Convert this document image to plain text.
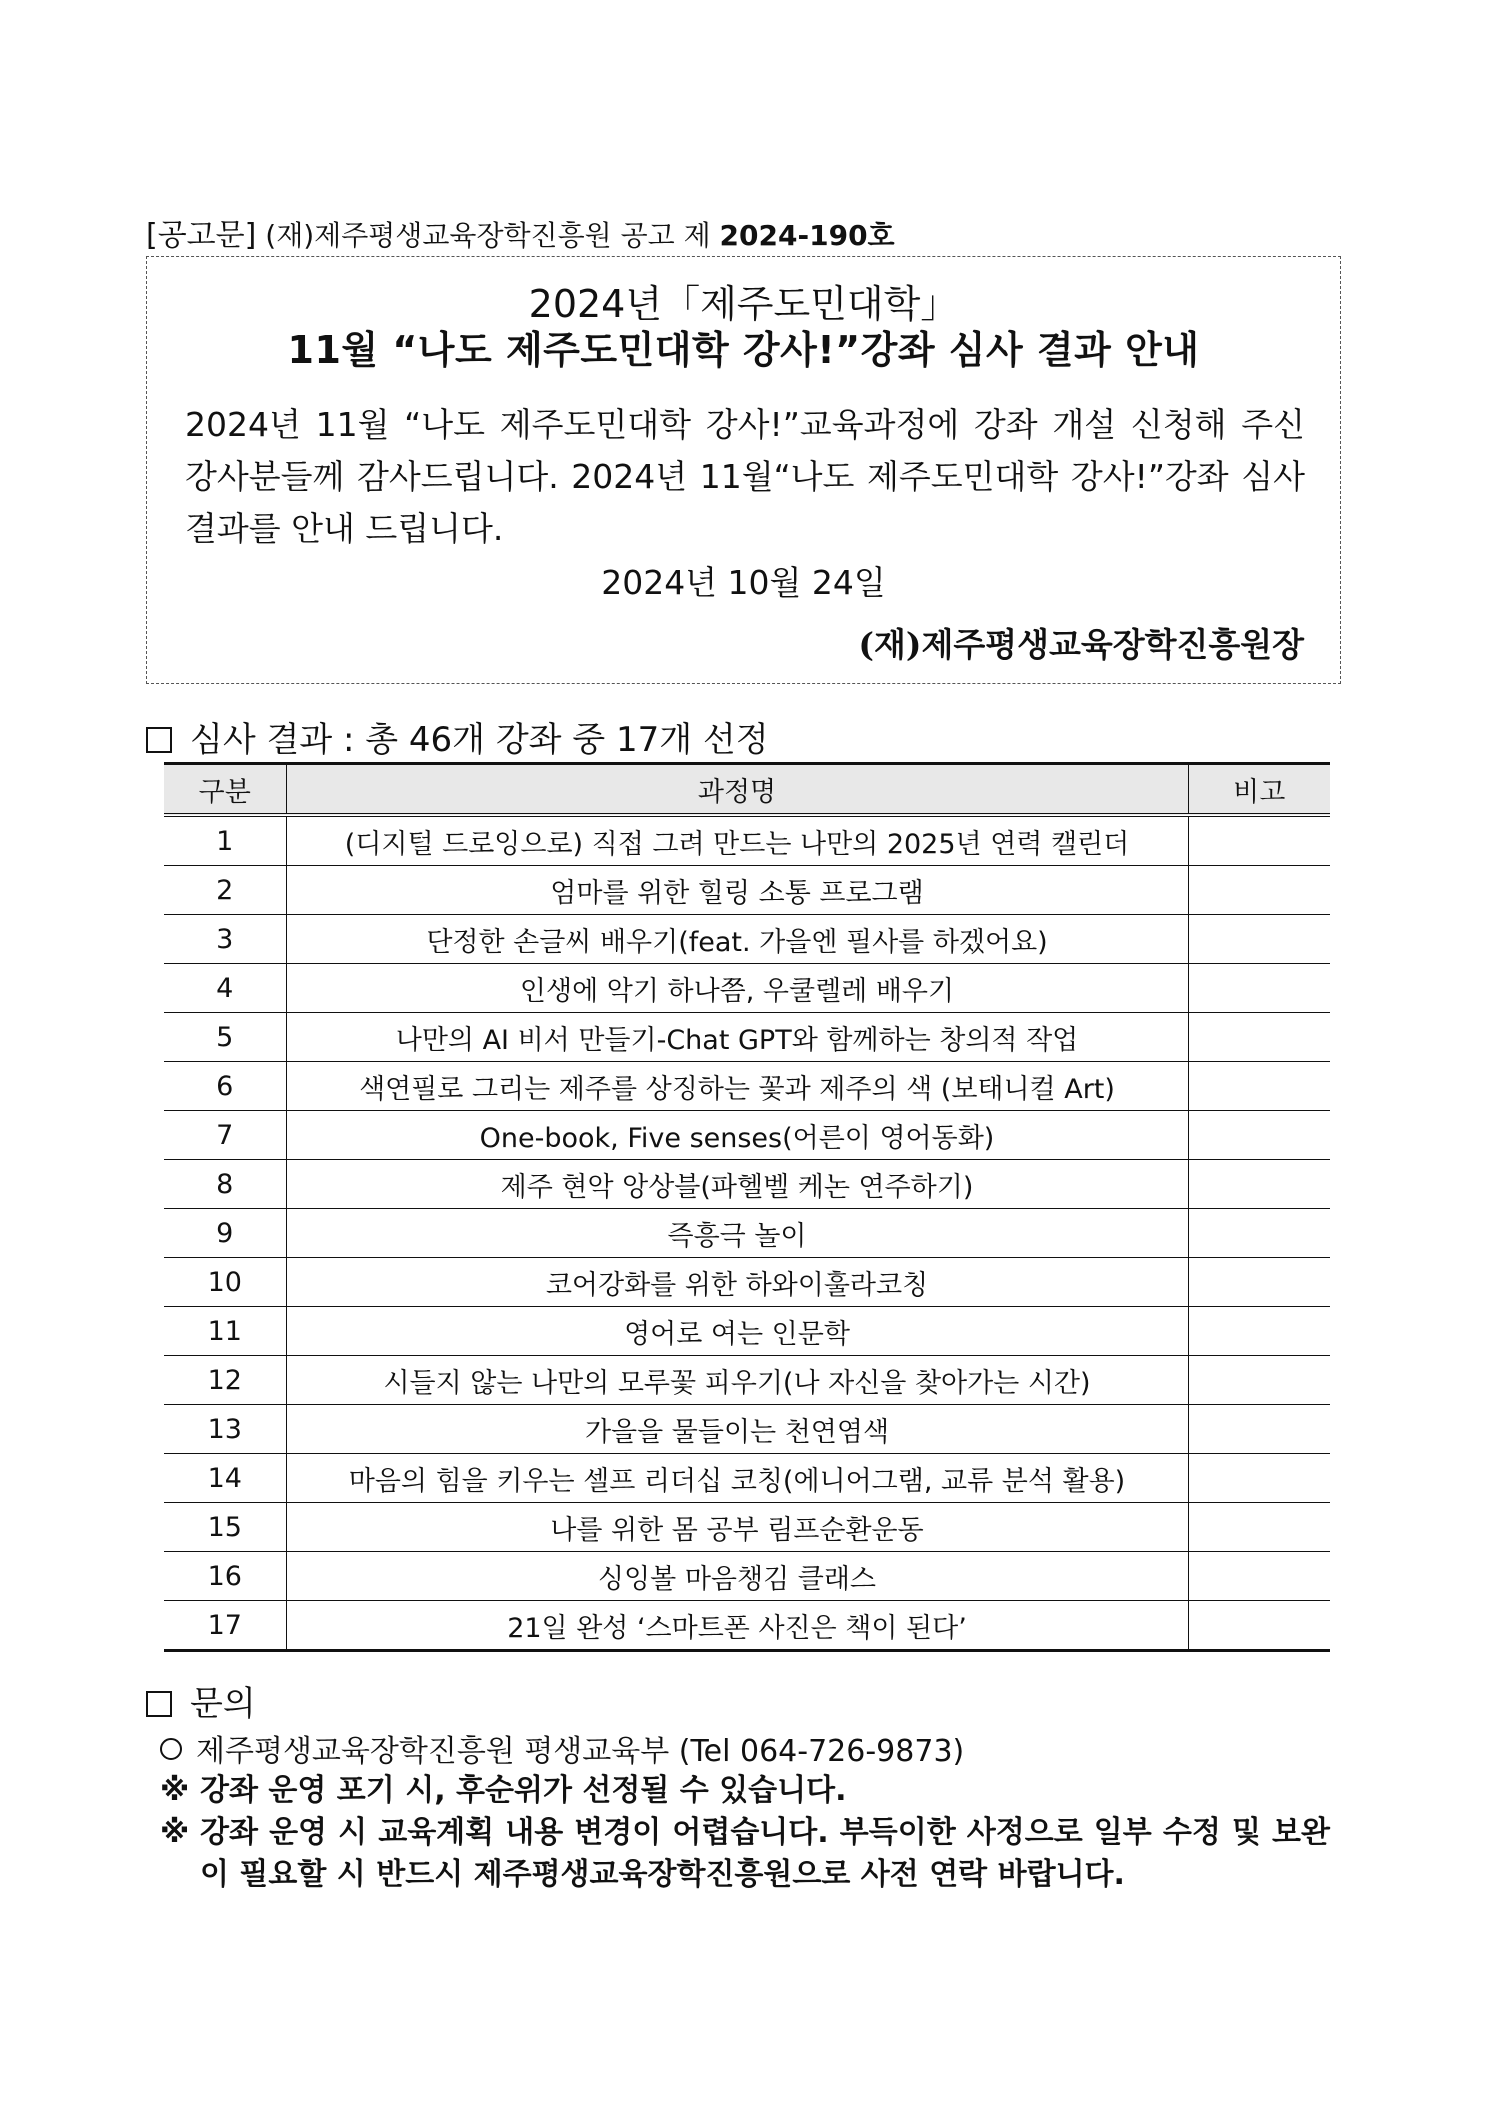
[공고문] (재)제주평생교육장학진흥원 공고 제 2024-190호
2024년「제주도민대학」
11월 “나도 제주도민대학 강사!”강좌 심사 결과 안내
2024년 11월 “나도 제주도민대학 강사!”교육과정에 강좌 개설 신청해 주신 강사분들께 감사드립니다. 2024년 11월“나도 제주도민대학 강사!”강좌 심사 결과를 안내 드립니다.
2024년 10월 24일
(재)제주평생교육장학진흥원장
심사 결과 : 총 46개 강좌 중 17개 선정
구분	과정명	비고
1	(디지털 드로잉으로) 직접 그려 만드는 나만의 2025년 연력 캘린더	
2	엄마를 위한 힐링 소통 프로그램	
3	단정한 손글씨 배우기(feat. 가을엔 필사를 하겠어요)	
4	인생에 악기 하나쯤, 우쿨렐레 배우기	
5	나만의 AI 비서 만들기-Chat GPT와 함께하는 창의적 작업	
6	색연필로 그리는 제주를 상징하는 꽃과 제주의 색 (보태니컬 Art)	
7	One-book, Five senses(어른이 영어동화)	
8	제주 현악 앙상블(파헬벨 케논 연주하기)	
9	즉흥극 놀이	
10	코어강화를 위한 하와이훌라코칭	
11	영어로 여는 인문학	
12	시들지 않는 나만의 모루꽃 피우기(나 자신을 찾아가는 시간)	
13	가을을 물들이는 천연염색	
14	마음의 힘을 키우는 셀프 리더십 코칭(에니어그램, 교류 분석 활용)	
15	나를 위한 몸 공부 림프순환운동	
16	싱잉볼 마음챙김 클래스	
17	21일 완성 ‘스마트폰 사진은 책이 된다’	
문의
제주평생교육장학진흥원 평생교육부 (Tel 064-726-9873)
※ 강좌 운영 포기 시, 후순위가 선정될 수 있습니다.
※ 강좌 운영 시 교육계획 내용 변경이 어렵습니다. 부득이한 사정으로 일부 수정 및 보완이 필요할 시 반드시 제주평생교육장학진흥원으로 사전 연락 바랍니다.
